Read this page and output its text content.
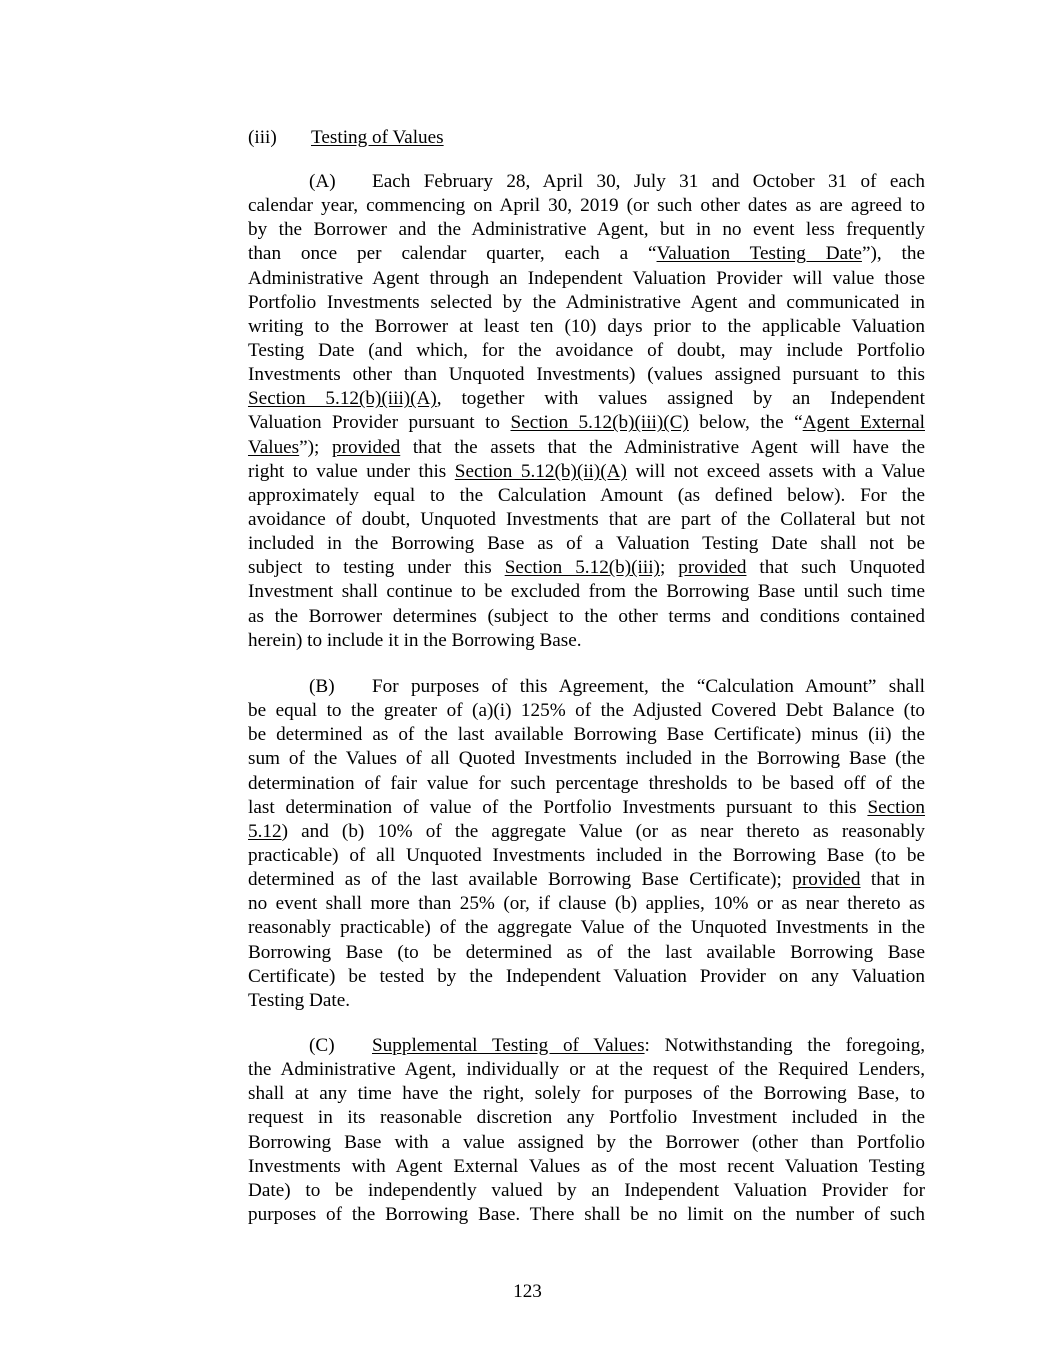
(iii) Testing of Values
(A) Each February 28, April 30, July 31 and October 31 of each
calendar year, commencing on April 30, 2019 (or such other dates as are agreed to
by the Borrower and the Administrative Agent, but in no event less frequently
than once per calendar quarter, each a “Valuation Testing Date”), the
Administrative Agent through an Independent Valuation Provider will value those
Portfolio Investments selected by the Administrative Agent and communicated in
writing to the Borrower at least ten (10) days prior to the applicable Valuation
Testing Date (and which, for the avoidance of doubt, may include Portfolio
Investments other than Unquoted Investments) (values assigned pursuant to this
Section 5.12(b)(iii)(A), together with values assigned by an Independent
Valuation Provider pursuant to Section 5.12(b)(iii)(C) below, the “Agent External
Values”); provided that the assets that the Administrative Agent will have the
right to value under this Section 5.12(b)(ii)(A) will not exceed assets with a Value
approximately equal to the Calculation Amount (as defined below). For the
avoidance of doubt, Unquoted Investments that are part of the Collateral but not
included in the Borrowing Base as of a Valuation Testing Date shall not be
subject to testing under this Section 5.12(b)(iii); provided that such Unquoted
Investment shall continue to be excluded from the Borrowing Base until such time
as the Borrower determines (subject to the other terms and conditions contained
herein) to include it in the Borrowing Base.
(B) For purposes of this Agreement, the “Calculation Amount” shall
be equal to the greater of (a)(i) 125% of the Adjusted Covered Debt Balance (to
be determined as of the last available Borrowing Base Certificate) minus (ii) the
sum of the Values of all Quoted Investments included in the Borrowing Base (the
determination of fair value for such percentage thresholds to be based off of the
last determination of value of the Portfolio Investments pursuant to this Section
5.12) and (b) 10% of the aggregate Value (or as near thereto as reasonably
practicable) of all Unquoted Investments included in the Borrowing Base (to be
determined as of the last available Borrowing Base Certificate); provided that in
no event shall more than 25% (or, if clause (b) applies, 10% or as near thereto as
reasonably practicable) of the aggregate Value of the Unquoted Investments in the
Borrowing Base (to be determined as of the last available Borrowing Base
Certificate) be tested by the Independent Valuation Provider on any Valuation
Testing Date.
(C) Supplemental Testing of Values: Notwithstanding the foregoing,
the Administrative Agent, individually or at the request of the Required Lenders,
shall at any time have the right, solely for purposes of the Borrowing Base, to
request in its reasonable discretion any Portfolio Investment included in the
Borrowing Base with a value assigned by the Borrower (other than Portfolio
Investments with Agent External Values as of the most recent Valuation Testing
Date) to be independently valued by an Independent Valuation Provider for
purposes of the Borrowing Base. There shall be no limit on the number of such
123
